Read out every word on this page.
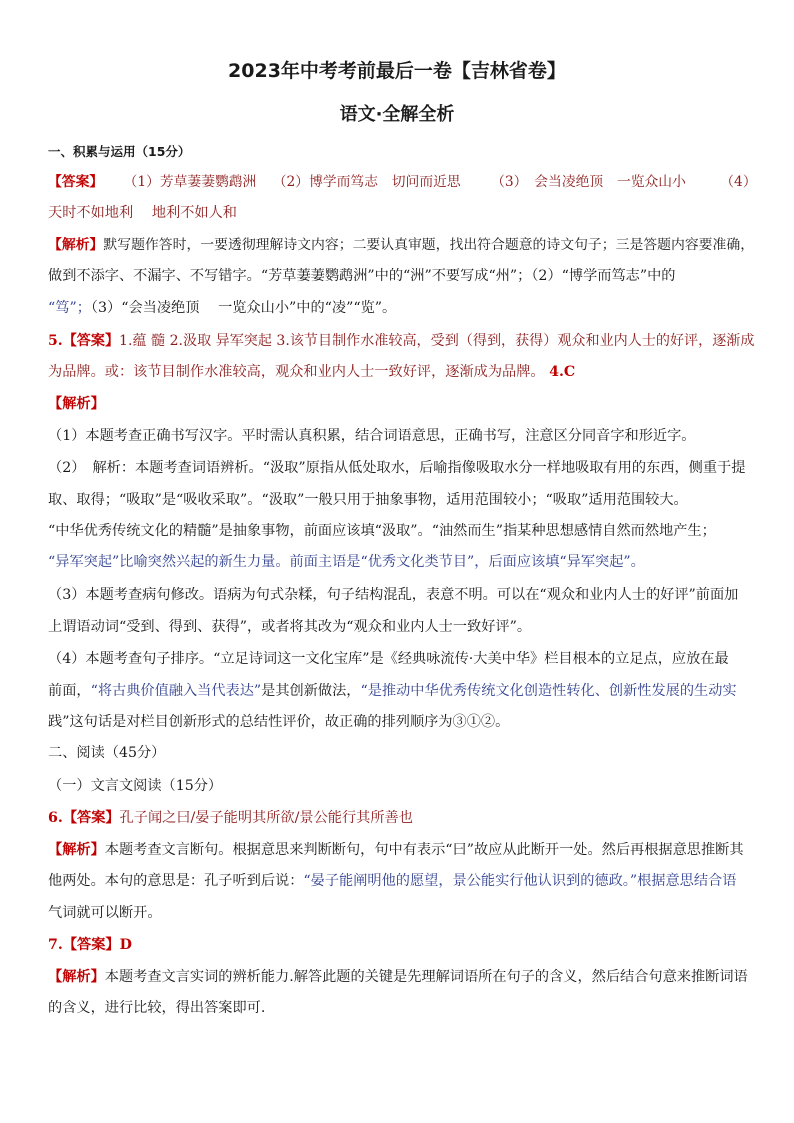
2023年中考考前最后一卷【吉林省卷】
语文·全解全析
一、积累与运用（15分）
【答案】 （1）芳草萋萋鹦鹉洲 （2）博学而笃志　切问而近思 （3）　会当凌绝顶　一览众山小 （4）
天时不如地利　 地利不如人和
【解析】默写题作答时，一要透彻理解诗文内容；二要认真审题，找出符合题意的诗文句子；三是答题内容要准确，
做到不添字、不漏字、不写错字。“芳草萋萋鹦鹉洲”中的“洲”不要写成“州”；（2）“博学而笃志”中的
“笃”；（3）“会当凌绝顶　 一览众山小”中的“凌”“览”。
5.【答案】1.蕴 髓 2.汲取 异军突起 3.该节目制作水准较高，受到（得到，获得）观众和业内人士的好评，逐渐成
为品牌。或：该节目制作水准较高，观众和业内人士一致好评，逐渐成为品牌。 4.C
【解析】
（1）本题考查正确书写汉字。平时需认真积累，结合词语意思，正确书写，注意区分同音字和形近字。
（2）　解析：本题考查词语辨析。“汲取”原指从低处取水，后喻指像吸取水分一样地吸取有用的东西，侧重于提
取、取得；“吸取”是“吸收采取”。“汲取”一般只用于抽象事物，适用范围较小；“吸取”适用范围较大。
“中华优秀传统文化的精髓”是抽象事物，前面应该填“汲取”。“油然而生”指某种思想感情自然而然地产生；
“异军突起”比喻突然兴起的新生力量。前面主语是“优秀文化类节目”，后面应该填“异军突起”。
（3）本题考查病句修改。语病为句式杂糅，句子结构混乱，表意不明。可以在“观众和业内人士的好评”前面加
上谓语动词“受到、得到、获得”，或者将其改为“观众和业内人士一致好评”。
（4）本题考查句子排序。“立足诗词这一文化宝库”是《经典咏流传·大美中华》栏目根本的立足点，应放在最
前面，“将古典价值融入当代表达”是其创新做法，“是推动中华优秀传统文化创造性转化、创新性发展的生动实
践”这句话是对栏目创新形式的总结性评价，故正确的排列顺序为③①②。
二、阅读（45分）
（一）文言文阅读（15分）
6.【答案】孔子闻之曰/晏子能明其所欲/景公能行其所善也
【解析】本题考查文言断句。根据意思来判断断句，句中有表示“曰”故应从此断开一处。然后再根据意思推断其
他两处。本句的意思是：孔子听到后说：“晏子能阐明他的愿望，景公能实行他认识到的德政。”根据意思结合语
气词就可以断开。
7.【答案】D
【解析】本题考查文言实词的辨析能力.解答此题的关键是先理解词语所在句子的含义，然后结合句意来推断词语
的含义，进行比较，得出答案即可.
